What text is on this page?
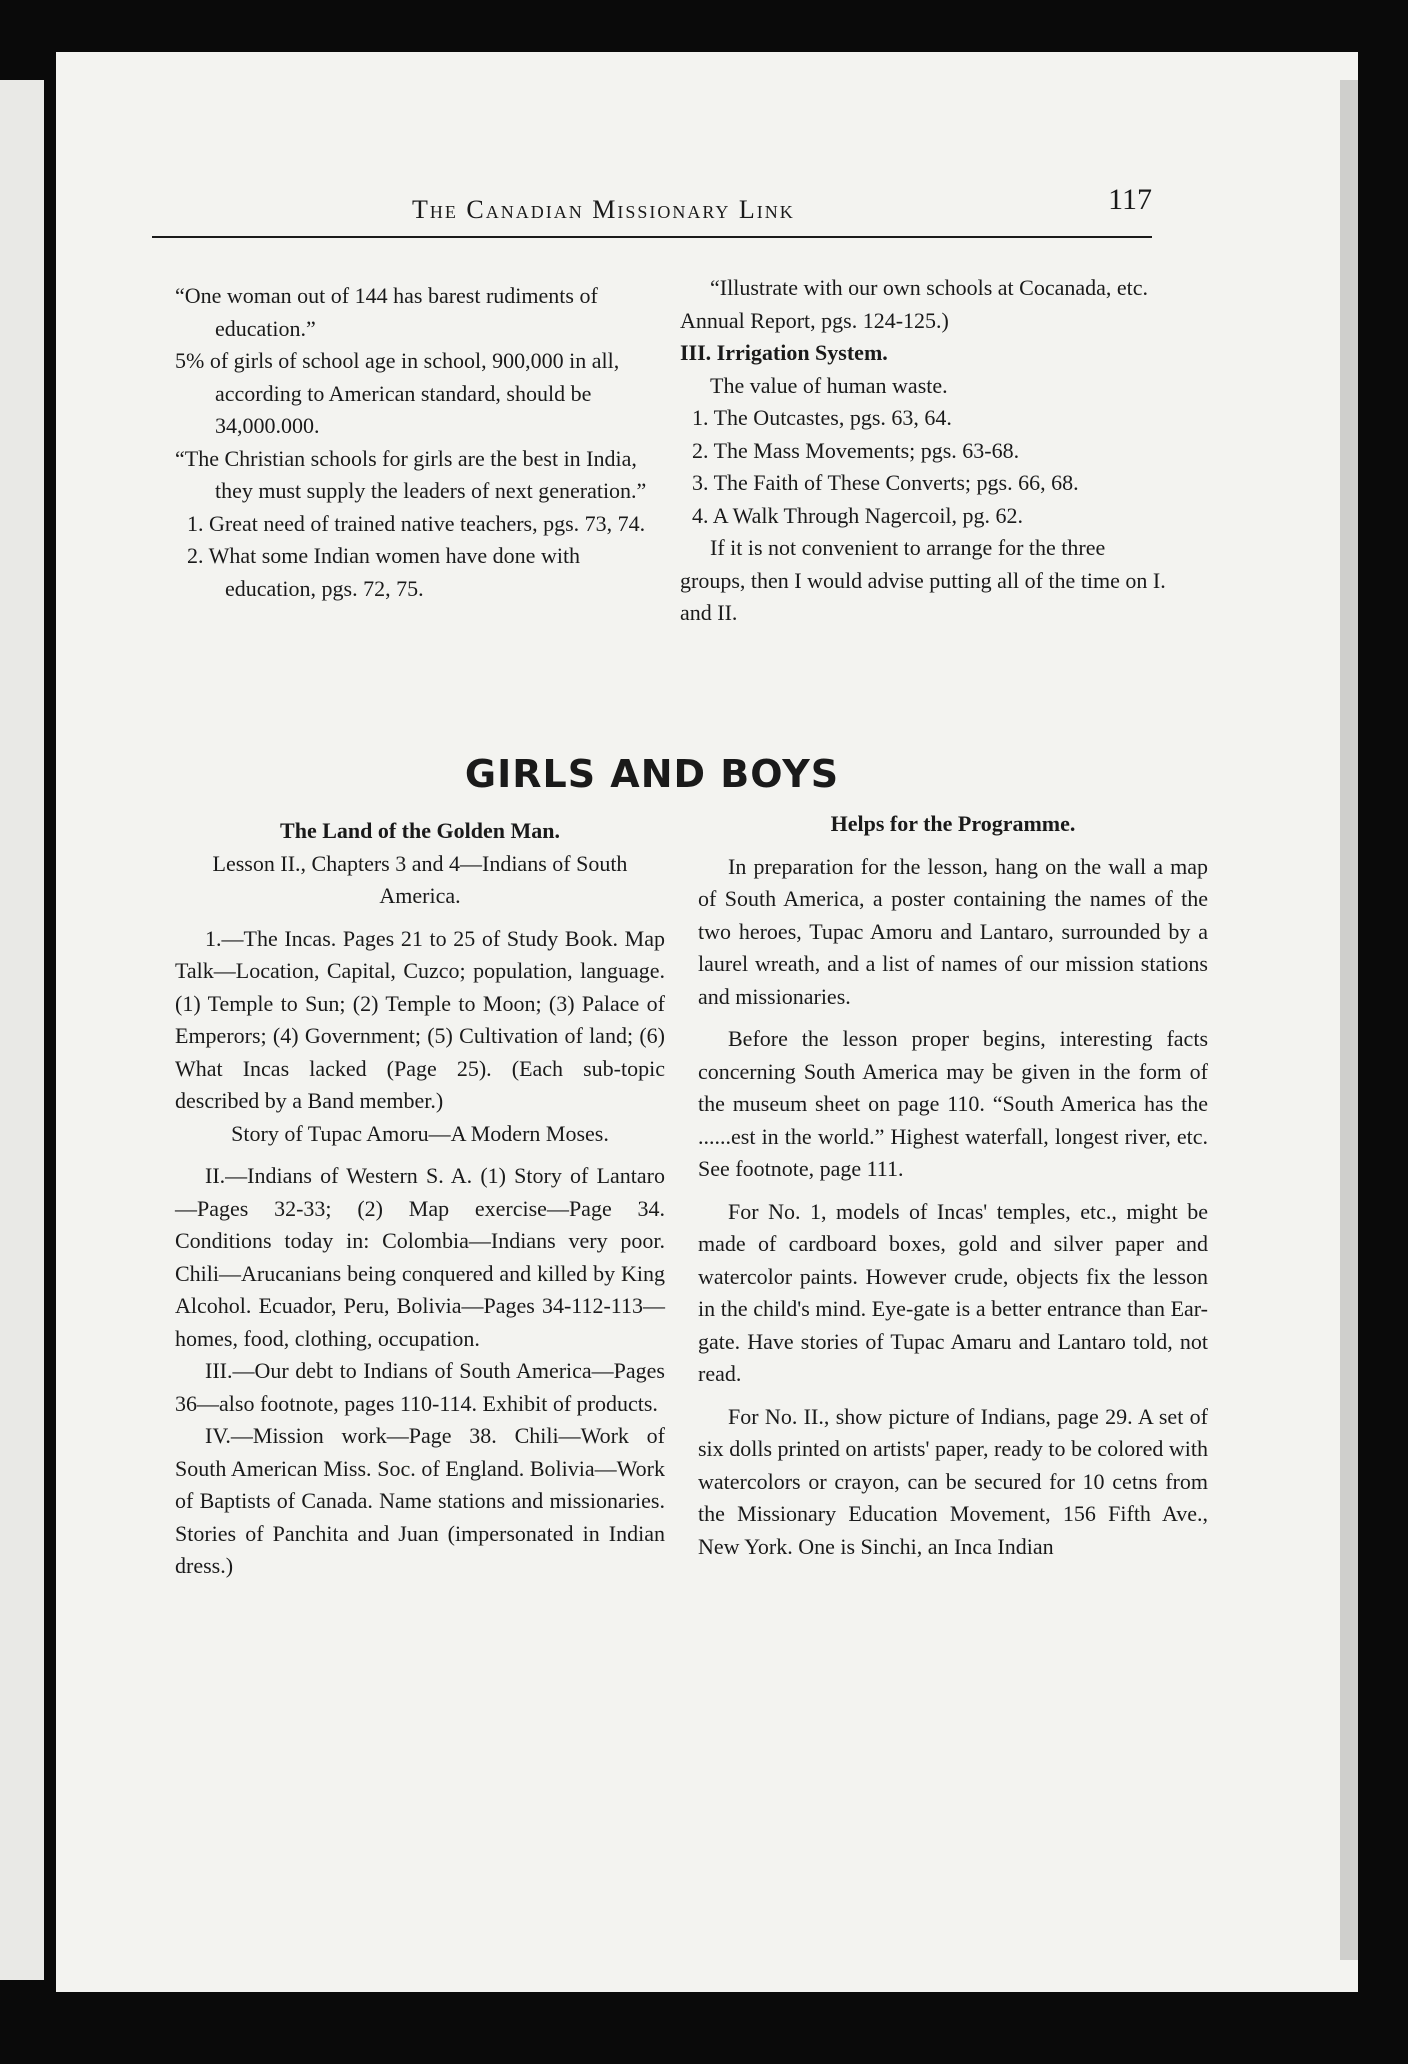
The Canadian Missionary Link	117

“One woman out of 144 has barest rudiments of education.”

5% of girls of school age in school, 900,000 in all, according to American standard, should be 34,000.000.

“The Christian schools for girls are the best in India, they must supply the leaders of next generation.”

1. Great need of trained native teachers, pgs. 73, 74.

2. What some Indian women have done with education, pgs. 72, 75.

“Illustrate with our own schools at Cocanada, etc. Annual Report, pgs. 124-125.)

III. Irrigation System.

The value of human waste.

1. The Outcastes, pgs. 63, 64.

2. The Mass Movements; pgs. 63-68.

3. The Faith of These Converts; pgs. 66, 68.

4. A Walk Through Nagercoil, pg. 62.

If it is not convenient to arrange for the three groups, then I would advise putting all of the time on I. and II.

GIRLS AND BOYS

The Land of the Golden Man.

Lesson II., Chapters 3 and 4—Indians of South America.

1.—The Incas. Pages 21 to 25 of Study Book. Map Talk—Location, Capital, Cuzco; population, language. (1) Temple to Sun; (2) Temple to Moon; (3) Palace of Emperors; (4) Government; (5) Cultivation of land; (6) What Incas lacked (Page 25). (Each sub-topic described by a Band member.)

Story of Tupac Amoru—A Modern Moses.

II.—Indians of Western S. A. (1) Story of Lantaro—Pages 32-33; (2) Map exercise—Page 34. Conditions today in: Colombia—Indians very poor. Chili—Arucanians being conquered and killed by King Alcohol. Ecuador, Peru, Bolivia—Pages 34-112-113—homes, food, clothing, occupation.

III.—Our debt to Indians of South America—Pages 36—also footnote, pages 110-114. Exhibit of products.

IV.—Mission work—Page 38. Chili—Work of South American Miss. Soc. of England. Bolivia—Work of Baptists of Canada. Name stations and missionaries. Stories of Panchita and Juan (impersonated in Indian dress.)

Helps for the Programme.

In preparation for the lesson, hang on the wall a map of South America, a poster containing the names of the two heroes, Tupac Amoru and Lantaro, surrounded by a laurel wreath, and a list of names of our mission stations and missionaries.

Before the lesson proper begins, interesting facts concerning South America may be given in the form of the museum sheet on page 110. “South America has the ......est in the world.” Highest waterfall, longest river, etc. See footnote, page 111.

For No. 1, models of Incas' temples, etc., might be made of cardboard boxes, gold and silver paper and watercolor paints. However crude, objects fix the lesson in the child's mind. Eye-gate is a better entrance than Ear-gate. Have stories of Tupac Amaru and Lantaro told, not read.

For No. II., show picture of Indians, page 29. A set of six dolls printed on artists' paper, ready to be colored with watercolors or crayon, can be secured for 10 cetns from the Missionary Education Movement, 156 Fifth Ave., New York. One is Sinchi, an Inca Indian
